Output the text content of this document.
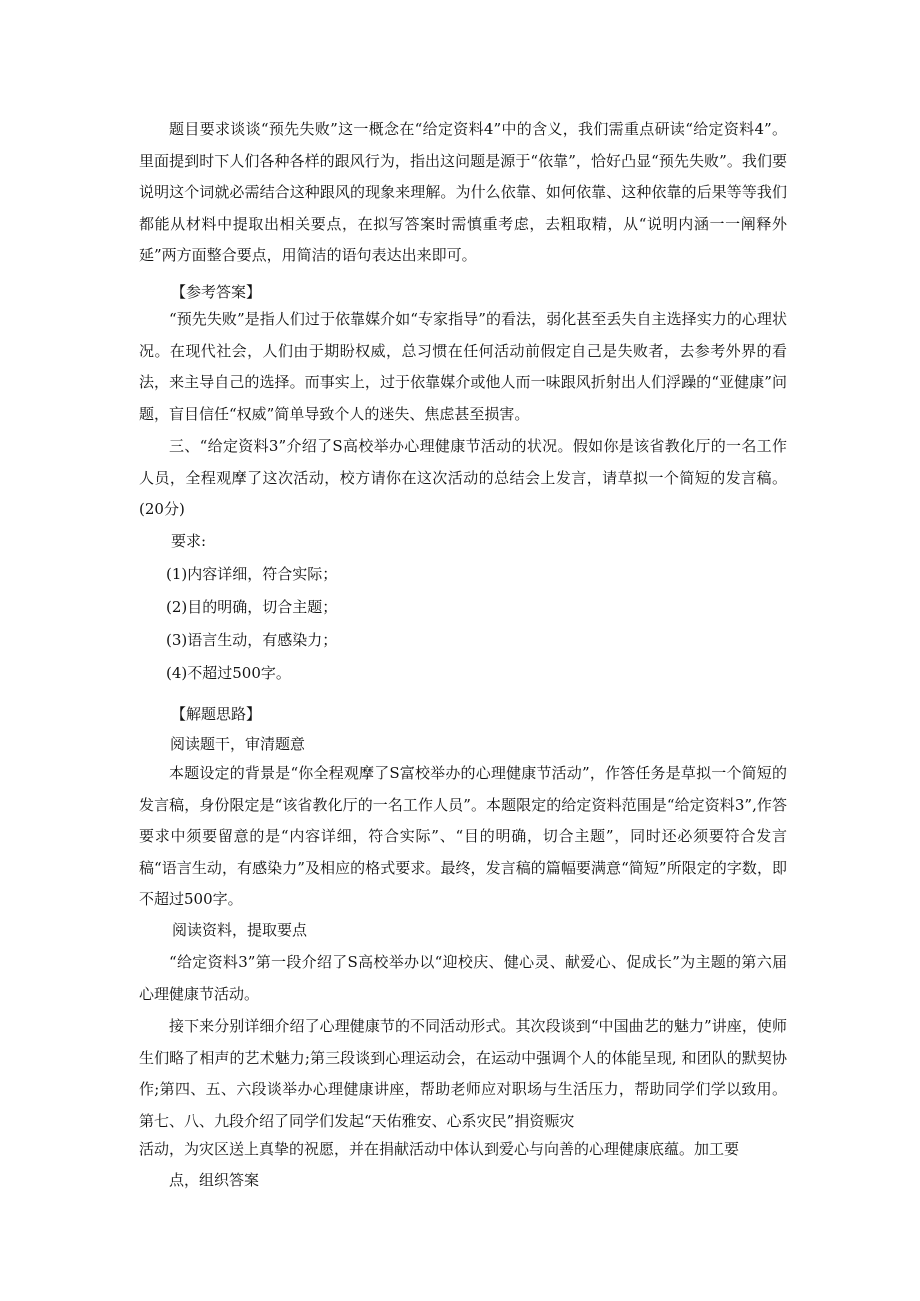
题目要求谈谈“预先失败”这一概念在“给定资料4”中的含义，我们需重点研读“给定资料4”。里面提到时下人们各种各样的跟风行为，指出这问题是源于“依靠”，恰好凸显“预先失败”。我们要说明这个词就必需结合这种跟风的现象来理解。为什么依靠、如何依靠、这种依靠的后果等等我们都能从材料中提取出相关要点，在拟写答案时需慎重考虑，去粗取精，从“说明内涵一一阐释外延”两方面整合要点，用简洁的语句表达出来即可。

【参考答案】

“预先失败”是指人们过于依靠媒介如“专家指导”的看法，弱化甚至丢失自主选择实力的心理状况。在现代社会，人们由于期盼权威，总习惯在任何活动前假定自己是失败者，去参考外界的看法，来主导自己的选择。而事实上，过于依靠媒介或他人而一味跟风折射出人们浮躁的“亚健康”问题，盲目信任“权威”简单导致个人的迷失、焦虑甚至损害。

三、“给定资料3”介绍了S高校举办心理健康节活动的状况。假如你是该省教化厅的一名工作人员，全程观摩了这次活动，校方请你在这次活动的总结会上发言，请草拟一个简短的发言稿。(20分)

要求:

(1)内容详细，符合实际；

(2)目的明确，切合主题；

(3)语言生动，有感染力；

(4)不超过500字。

【解题思路】

阅读题干，审清题意

本题设定的背景是“你全程观摩了S富校举办的心理健康节活动”，作答任务是草拟一个简短的发言稿，身份限定是“该省教化厅的一名工作人员”。本题限定的给定资料范围是“给定资料3”,作答要求中须要留意的是“内容详细，符合实际”、“目的明确，切合主题”，同时还必须要符合发言稿“语言生动，有感染力”及相应的格式要求。最终，发言稿的篇幅要满意“简短”所限定的字数，即不超过500字。

阅读资料，提取要点

“给定资料3”第一段介绍了S高校举办以“迎校庆、健心灵、献爱心、促成长”为主题的第六届心理健康节活动。

接下来分别详细介绍了心理健康节的不同活动形式。其次段谈到“中国曲艺的魅力”讲座，使师生们略了相声的艺术魅力;第三段谈到心理运动会，在运动中强调个人的体能呈现, 和团队的默契协作;第四、五、六段谈举办心理健康讲座，帮助老师应对职场与生活压力，帮助同学们学以致用。第七、八、九段介绍了同学们发起“天佑雅安、心系灾民”捐资赈灾

活动，为灾区送上真挚的祝愿，并在捐献活动中体认到爱心与向善的心理健康底蕴。加工要

点，组织答案
